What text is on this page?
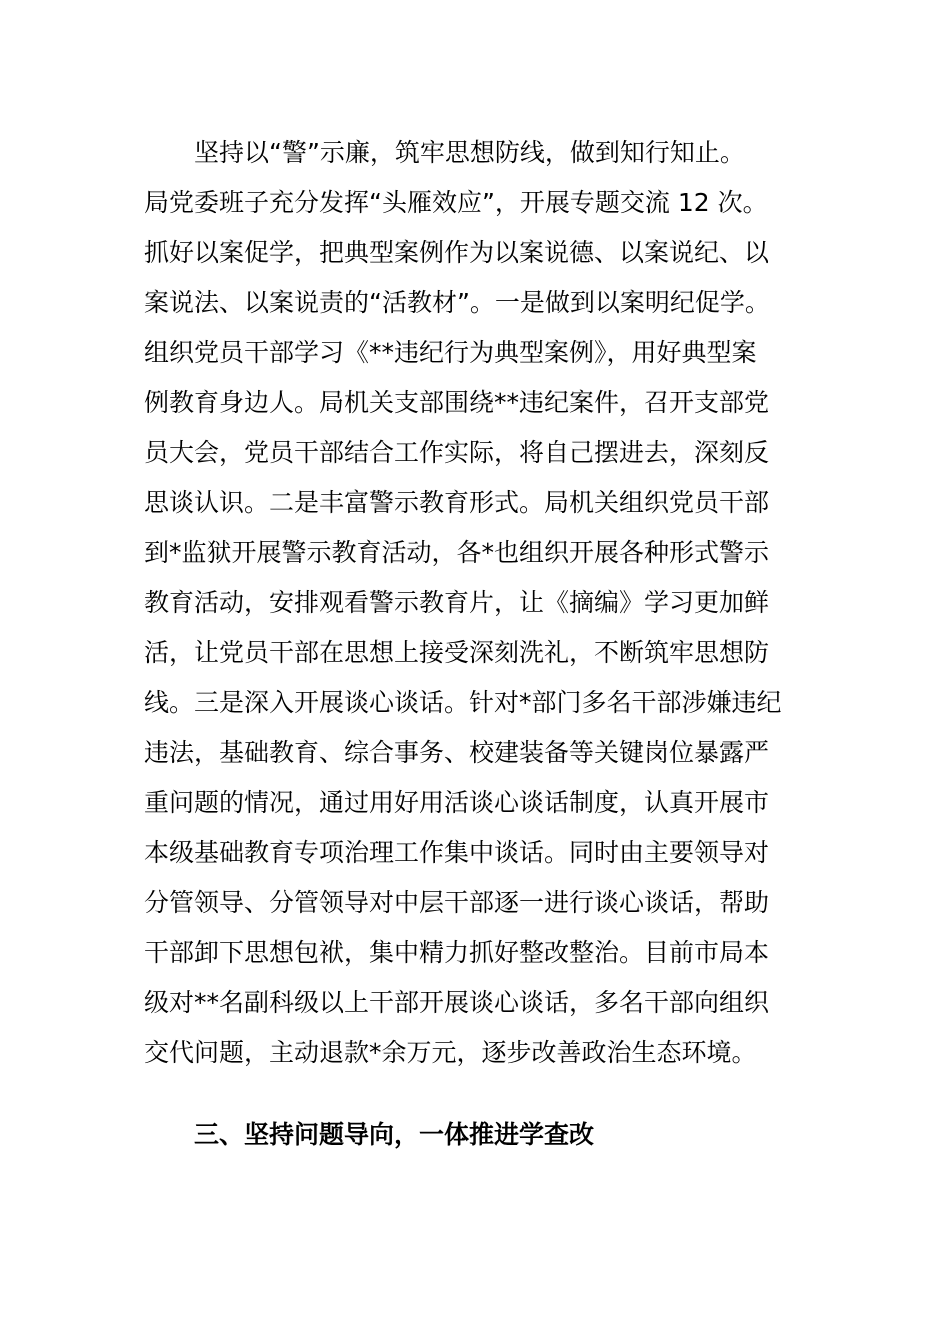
坚持以“警”示廉，筑牢思想防线，做到知行知止。
局党委班子充分发挥“头雁效应”，开展专题交流 12 次。
抓好以案促学，把典型案例作为以案说德、以案说纪、以
案说法、以案说责的“活教材”。一是做到以案明纪促学。
组织党员干部学习《**违纪行为典型案例》，用好典型案
例教育身边人。局机关支部围绕**违纪案件，召开支部党
员大会，党员干部结合工作实际，将自己摆进去，深刻反
思谈认识。二是丰富警示教育形式。局机关组织党员干部
到*监狱开展警示教育活动，各*也组织开展各种形式警示
教育活动，安排观看警示教育片，让《摘编》学习更加鲜
活，让党员干部在思想上接受深刻洗礼，不断筑牢思想防
线。三是深入开展谈心谈话。针对*部门多名干部涉嫌违纪
违法，基础教育、综合事务、校建装备等关键岗位暴露严
重问题的情况，通过用好用活谈心谈话制度，认真开展市
本级基础教育专项治理工作集中谈话。同时由主要领导对
分管领导、分管领导对中层干部逐一进行谈心谈话，帮助
干部卸下思想包袱，集中精力抓好整改整治。目前市局本
级对**名副科级以上干部开展谈心谈话，多名干部向组织
交代问题，主动退款*余万元，逐步改善政治生态环境。
三、坚持问题导向，一体推进学查改
